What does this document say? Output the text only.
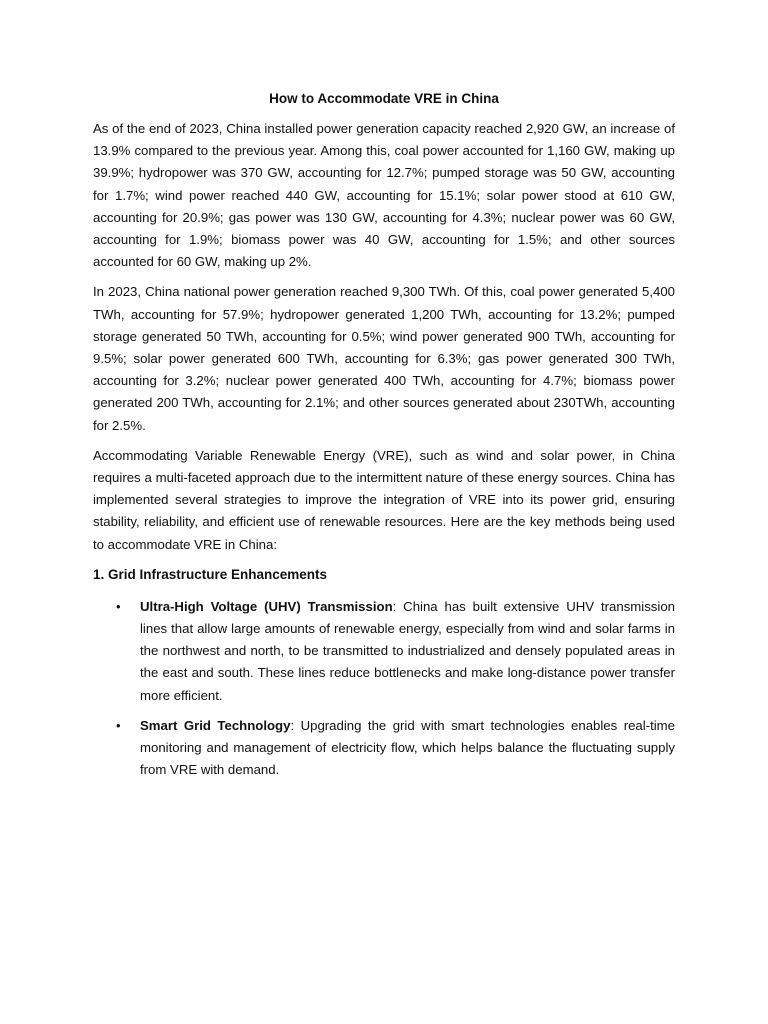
How to Accommodate VRE in China

As of the end of 2023, China installed power generation capacity reached 2,920 GW, an increase of 13.9% compared to the previous year. Among this, coal power accounted for 1,160 GW, making up 39.9%; hydropower was 370 GW, accounting for 12.7%; pumped storage was 50 GW, accounting for 1.7%; wind power reached 440 GW, accounting for 15.1%; solar power stood at 610 GW, accounting for 20.9%; gas power was 130 GW, accounting for 4.3%; nuclear power was 60 GW, accounting for 1.9%; biomass power was 40 GW, accounting for 1.5%; and other sources accounted for 60 GW, making up 2%.

In 2023, China national power generation reached 9,300 TWh. Of this, coal power generated 5,400 TWh, accounting for 57.9%; hydropower generated 1,200 TWh, accounting for 13.2%; pumped storage generated 50 TWh, accounting for 0.5%; wind power generated 900 TWh, accounting for 9.5%; solar power generated 600 TWh, accounting for 6.3%; gas power generated 300 TWh, accounting for 3.2%; nuclear power generated 400 TWh, accounting for 4.7%; biomass power generated 200 TWh, accounting for 2.1%; and other sources generated about 230TWh, accounting for 2.5%.

Accommodating Variable Renewable Energy (VRE), such as wind and solar power, in China requires a multi-faceted approach due to the intermittent nature of these energy sources. China has implemented several strategies to improve the integration of VRE into its power grid, ensuring stability, reliability, and efficient use of renewable resources. Here are the key methods being used to accommodate VRE in China:

1. Grid Infrastructure Enhancements
• Ultra-High Voltage (UHV) Transmission: China has built extensive UHV transmission lines that allow large amounts of renewable energy, especially from wind and solar farms in the northwest and north, to be transmitted to industrialized and densely populated areas in the east and south. These lines reduce bottlenecks and make long-distance power transfer more efficient.
• Smart Grid Technology: Upgrading the grid with smart technologies enables real-time monitoring and management of electricity flow, which helps balance the fluctuating supply from VRE with demand.
